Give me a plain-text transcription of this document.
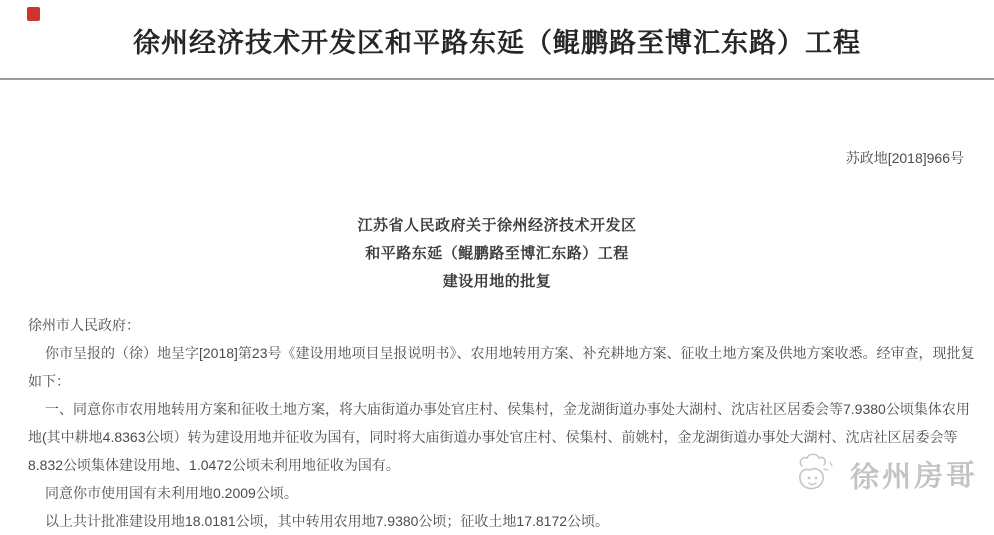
徐州经济技术开发区和平路东延（鲲鹏路至博汇东路）工程
苏政地[2018]966号
江苏省人民政府关于徐州经济技术开发区
和平路东延（鲲鹏路至博汇东路）工程
建设用地的批复

徐州市人民政府：

你市呈报的（徐）地呈字[2018]第23号《建设用地项目呈报说明书》、农用地转用方案、补充耕地方案、征收土地方案及供地方案收悉。经审查，现批复如下：

一、同意你市农用地转用方案和征收土地方案，将大庙街道办事处官庄村、侯集村，金龙湖街道办事处大湖村、沈店社区居委会等7.9380公顷集体农用地(其中耕地4.8363公顷）转为建设用地并征收为国有，同时将大庙街道办事处官庄村、侯集村、前姚村，金龙湖街道办事处大湖村、沈店社区居委会等8.832公顷集体建设用地、1.0472公顷未利用地征收为国有。

同意你市使用国有未利用地0.2009公顷。

以上共计批准建设用地18.0181公顷，其中转用农用地7.9380公顷；征收土地17.8172公顷。

徐州房哥
